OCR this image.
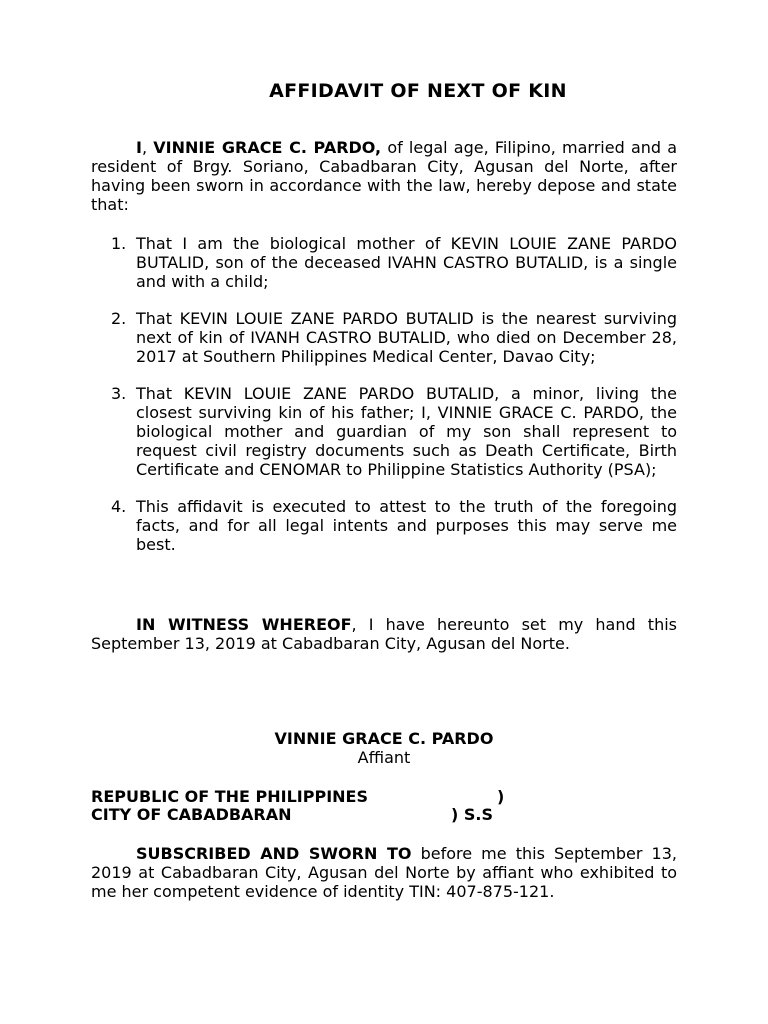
AFFIDAVIT OF NEXT OF KIN

I, VINNIE GRACE C. PARDO, of legal age, Filipino, married and a resident of Brgy. Soriano, Cabadbaran City, Agusan del Norte, after having been sworn in accordance with the law, hereby depose and state that:

1. That I am the biological mother of KEVIN LOUIE ZANE PARDO BUTALID, son of the deceased IVAHN CASTRO BUTALID, is a single and with a child;
2. That KEVIN LOUIE ZANE PARDO BUTALID is the nearest surviving next of kin of IVANH CASTRO BUTALID, who died on December 28, 2017 at Southern Philippines Medical Center, Davao City;
3. That KEVIN LOUIE ZANE PARDO BUTALID, a minor, living the closest surviving kin of his father; I, VINNIE GRACE C. PARDO, the biological mother and guardian of my son shall represent to request civil registry documents such as Death Certificate, Birth Certificate and CENOMAR to Philippine Statistics Authority (PSA);
4. This affidavit is executed to attest to the truth of the foregoing facts, and for all legal intents and purposes this may serve me best.

IN WITNESS WHEREOF, I have hereunto set my hand this September 13, 2019 at Cabadbaran City, Agusan del Norte.

VINNIE GRACE C. PARDO
Affiant
REPUBLIC OF THE PHILIPPINES	)
CITY OF CABADBARAN	) S.S

SUBSCRIBED AND SWORN TO before me this September 13, 2019 at Cabadbaran City, Agusan del Norte by affiant who exhibited to me her competent evidence of identity TIN: 407-875-121.
